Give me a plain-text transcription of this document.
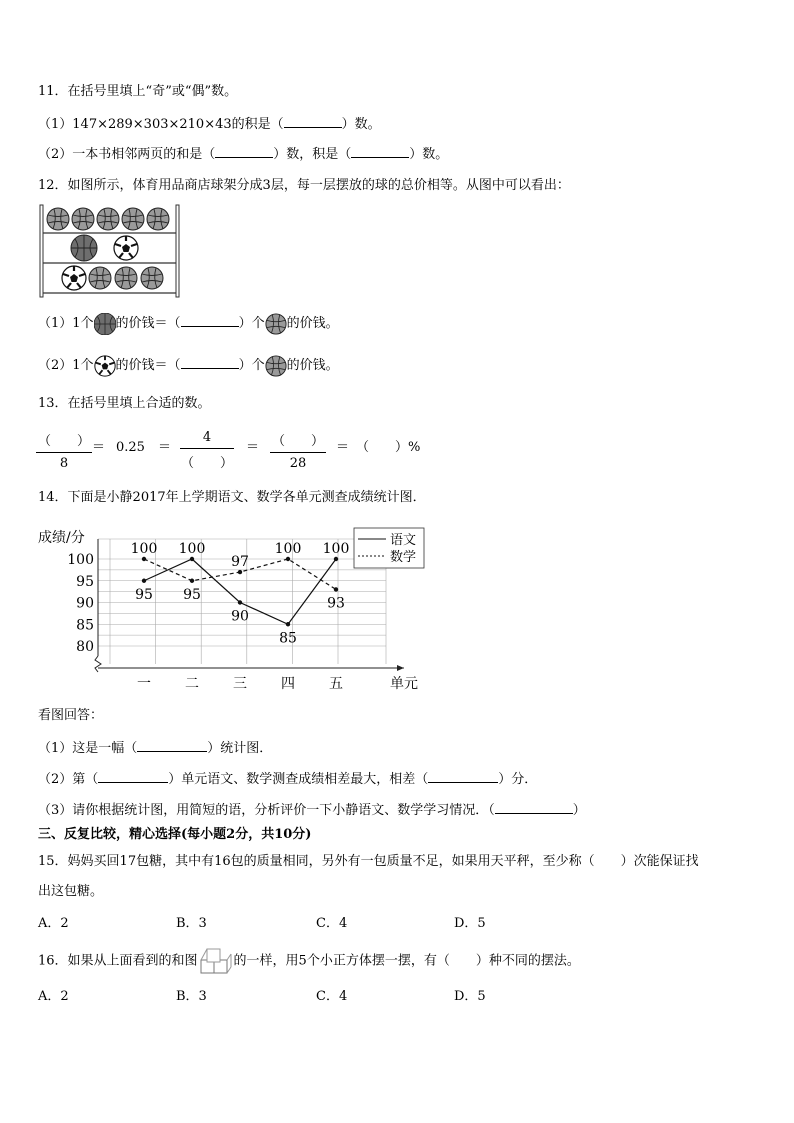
11．在括号里填上“奇”或“偶”数。
（1）147×289×303×210×43的积是（	）数。
（2）一本书相邻两页的和是（	）数，积是（	）数。
12．如图所示，体育用品商店球架分成3层，每一层摆放的球的总价相等。从图中可以看出：
（1）1个 的价钱＝（	）个 的价钱。
（2）1个 的价钱＝（	）个 的价钱。
13．在括号里填上合适的数。
（　　）
8
＝ 0.25 ＝
4
（　　）
＝ （　　）
28
＝ （　　）%
14．下面是小静2017年上学期语文、数学各单元测查成绩统计图．
成绩/分
80
85
90
95
100
一 二 三 四 五	单元
100
95
100
95
97
90
100
85
100
93
语文
数学
看图回答：
（1）这是一幅（	）统计图．
（2）第（	）单元语文、数学测查成绩相差最大，相差（	）分．
（3）请你根据统计图，用简短的语，分析评价一下小静语文、数学学习情况．（	）
三、反复比较，精心选择(每小题2分，共10分)
15．妈妈买回17包糖，其中有16包的质量相同，另外有一包质量不足，如果用天平秤，至少称（　　）次能保证找
出这包糖。
A．2	B．3	C．4	D．5
16．如果从上面看到的和图	的一样，用5个小正方体摆一摆，有（　　）种不同的摆法。
A．2	B．3	C．4	D．5
